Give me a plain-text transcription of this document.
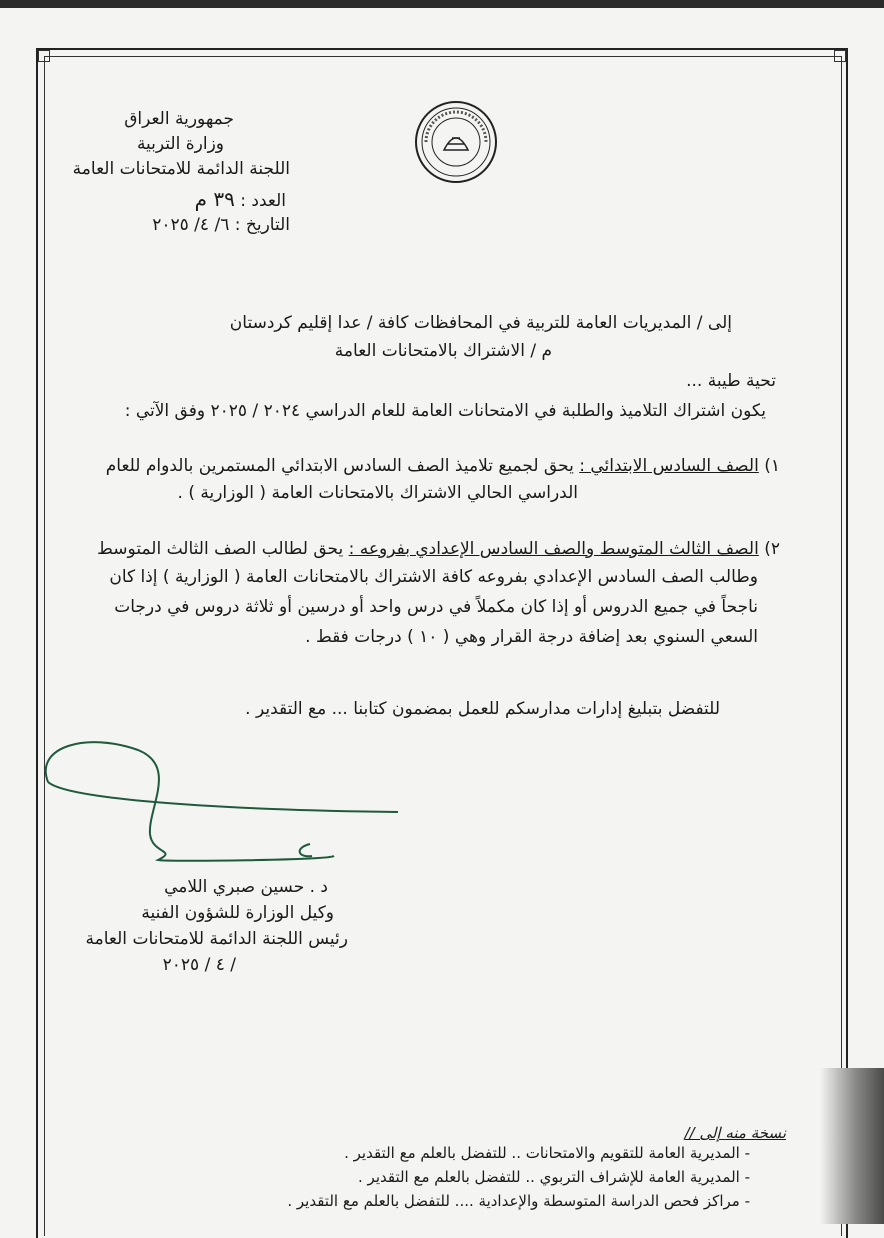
جمهورية العراق
وزارة التربية
اللجنة الدائمة للامتحانات العامة
العدد : ٣٩ م
التاريخ : ٦/ ٤/ ٢٠٢٥
إلى / المديريات العامة للتربية في المحافظات كافة / عدا إقليم كردستان
م / الاشتراك بالامتحانات العامة
تحية طيبة ...
يكون اشتراك التلاميذ والطلبة في الامتحانات العامة للعام الدراسي ٢٠٢٤ / ٢٠٢٥ وفق الآتي :
١) الصف السادس الابتدائي : يحق لجميع تلاميذ الصف السادس الابتدائي المستمرين بالدوام للعام
الدراسي الحالي الاشتراك بالامتحانات العامة ( الوزارية ) .
٢) الصف الثالث المتوسط والصف السادس الإعدادي بفروعه : يحق لطالب الصف الثالث المتوسط
وطالب الصف السادس الإعدادي بفروعه كافة الاشتراك بالامتحانات العامة ( الوزارية ) إذا كان
ناجحاً في جميع الدروس أو إذا كان مكملاً في درس واحد أو درسين أو ثلاثة دروس في درجات
السعي السنوي بعد إضافة درجة القرار وهي ( ١٠ ) درجات فقط .
للتفضل بتبليغ إدارات مدارسكم للعمل بمضمون كتابنا ... مع التقدير .
د . حسين صبري اللامي
وكيل الوزارة للشؤون الفنية
رئيس اللجنة الدائمة للامتحانات العامة
/ ٤ / ٢٠٢٥
نسخة منه إلى //
- المديرية العامة للتقويم والامتحانات .. للتفضل بالعلم مع التقدير .
- المديرية العامة للإشراف التربوي .. للتفضل بالعلم مع التقدير .
- مراكز فحص الدراسة المتوسطة والإعدادية .... للتفضل بالعلم مع التقدير .
